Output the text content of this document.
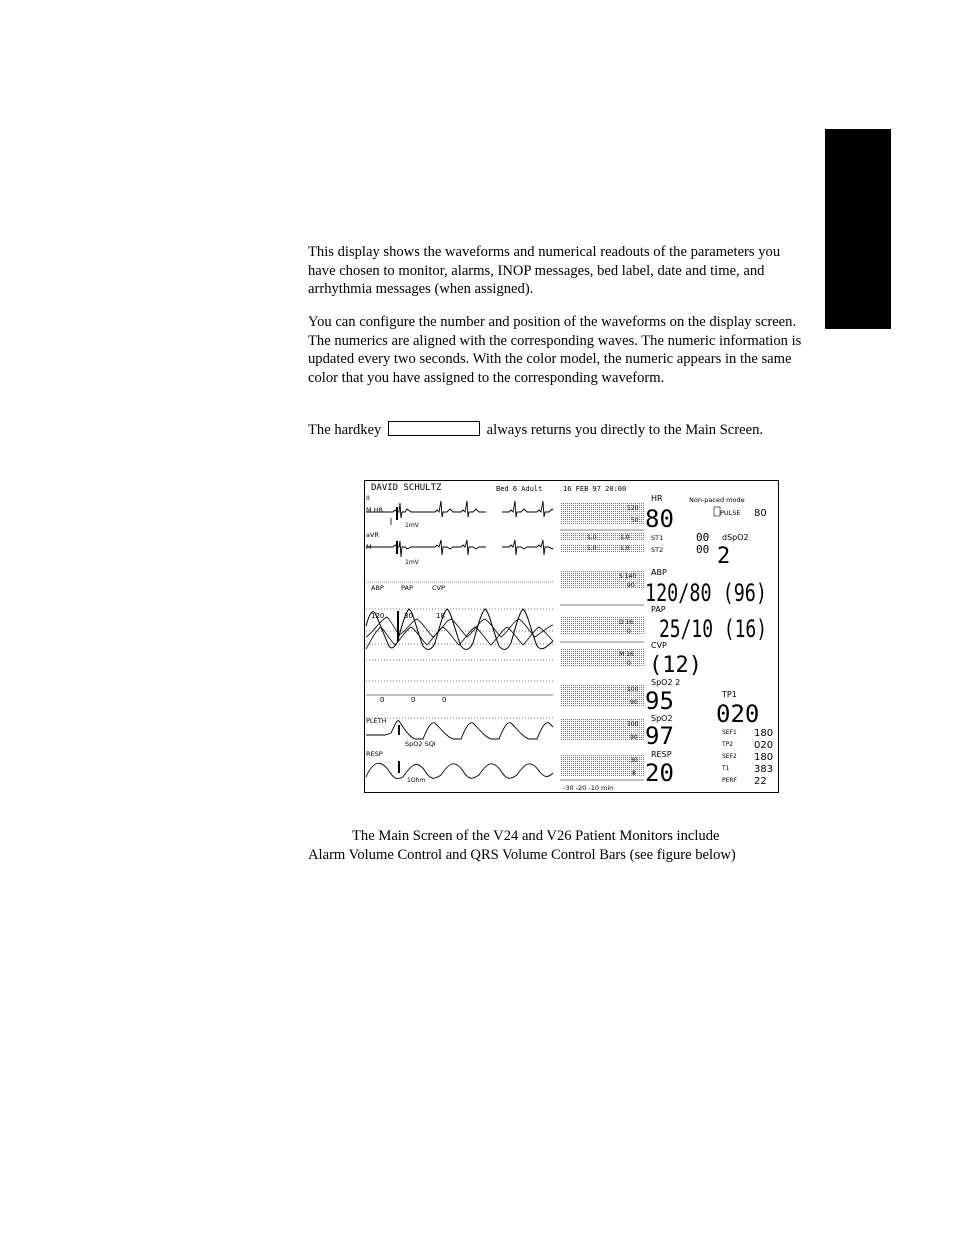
This display shows the waveforms and numerical readouts of the parameters you have chosen to monitor, alarms, INOP messages, bed label, date and time, and arrhythmia messages (when assigned).

You can configure the number and position of the waveforms on the display screen. The numerics are aligned with the corresponding waves. The numeric information is updated every two seconds. With the color model, the numeric appears in the same color that you have assigned to the corresponding waveform.

The hardkey	always returns you directly to the Main Screen.

DAVID SCHULTZ	Bed 6 Adult	16 FEB 97 20:00
II
M HR
1mV
aVR
M
1mV
ABP	PAP	CVP
120	30	18
0	0	0
PLETH
SpO2 SQI
RESP
1Ohm
120
50
1.0	1.0
1.0	1.0
S 140
90
D 16
0
M 16
0
100
90
100
90
30
8
-30 -20 -10 min
HR
80
Non-paced mode
PULSE 80
ST1	00
ST2	00
dSpO2
2
ABP
120/80 (96)
PAP
25/10 (16)
CVP
(12)
SpO2 2
95
SpO2
97
RESP
20
TP1
020
SEF1 180
TP2 020
SEF2 180
T1 383
PERF 22
The Main Screen of the V24 and V26 Patient Monitors include
Alarm Volume Control and QRS Volume Control Bars (see figure below)
